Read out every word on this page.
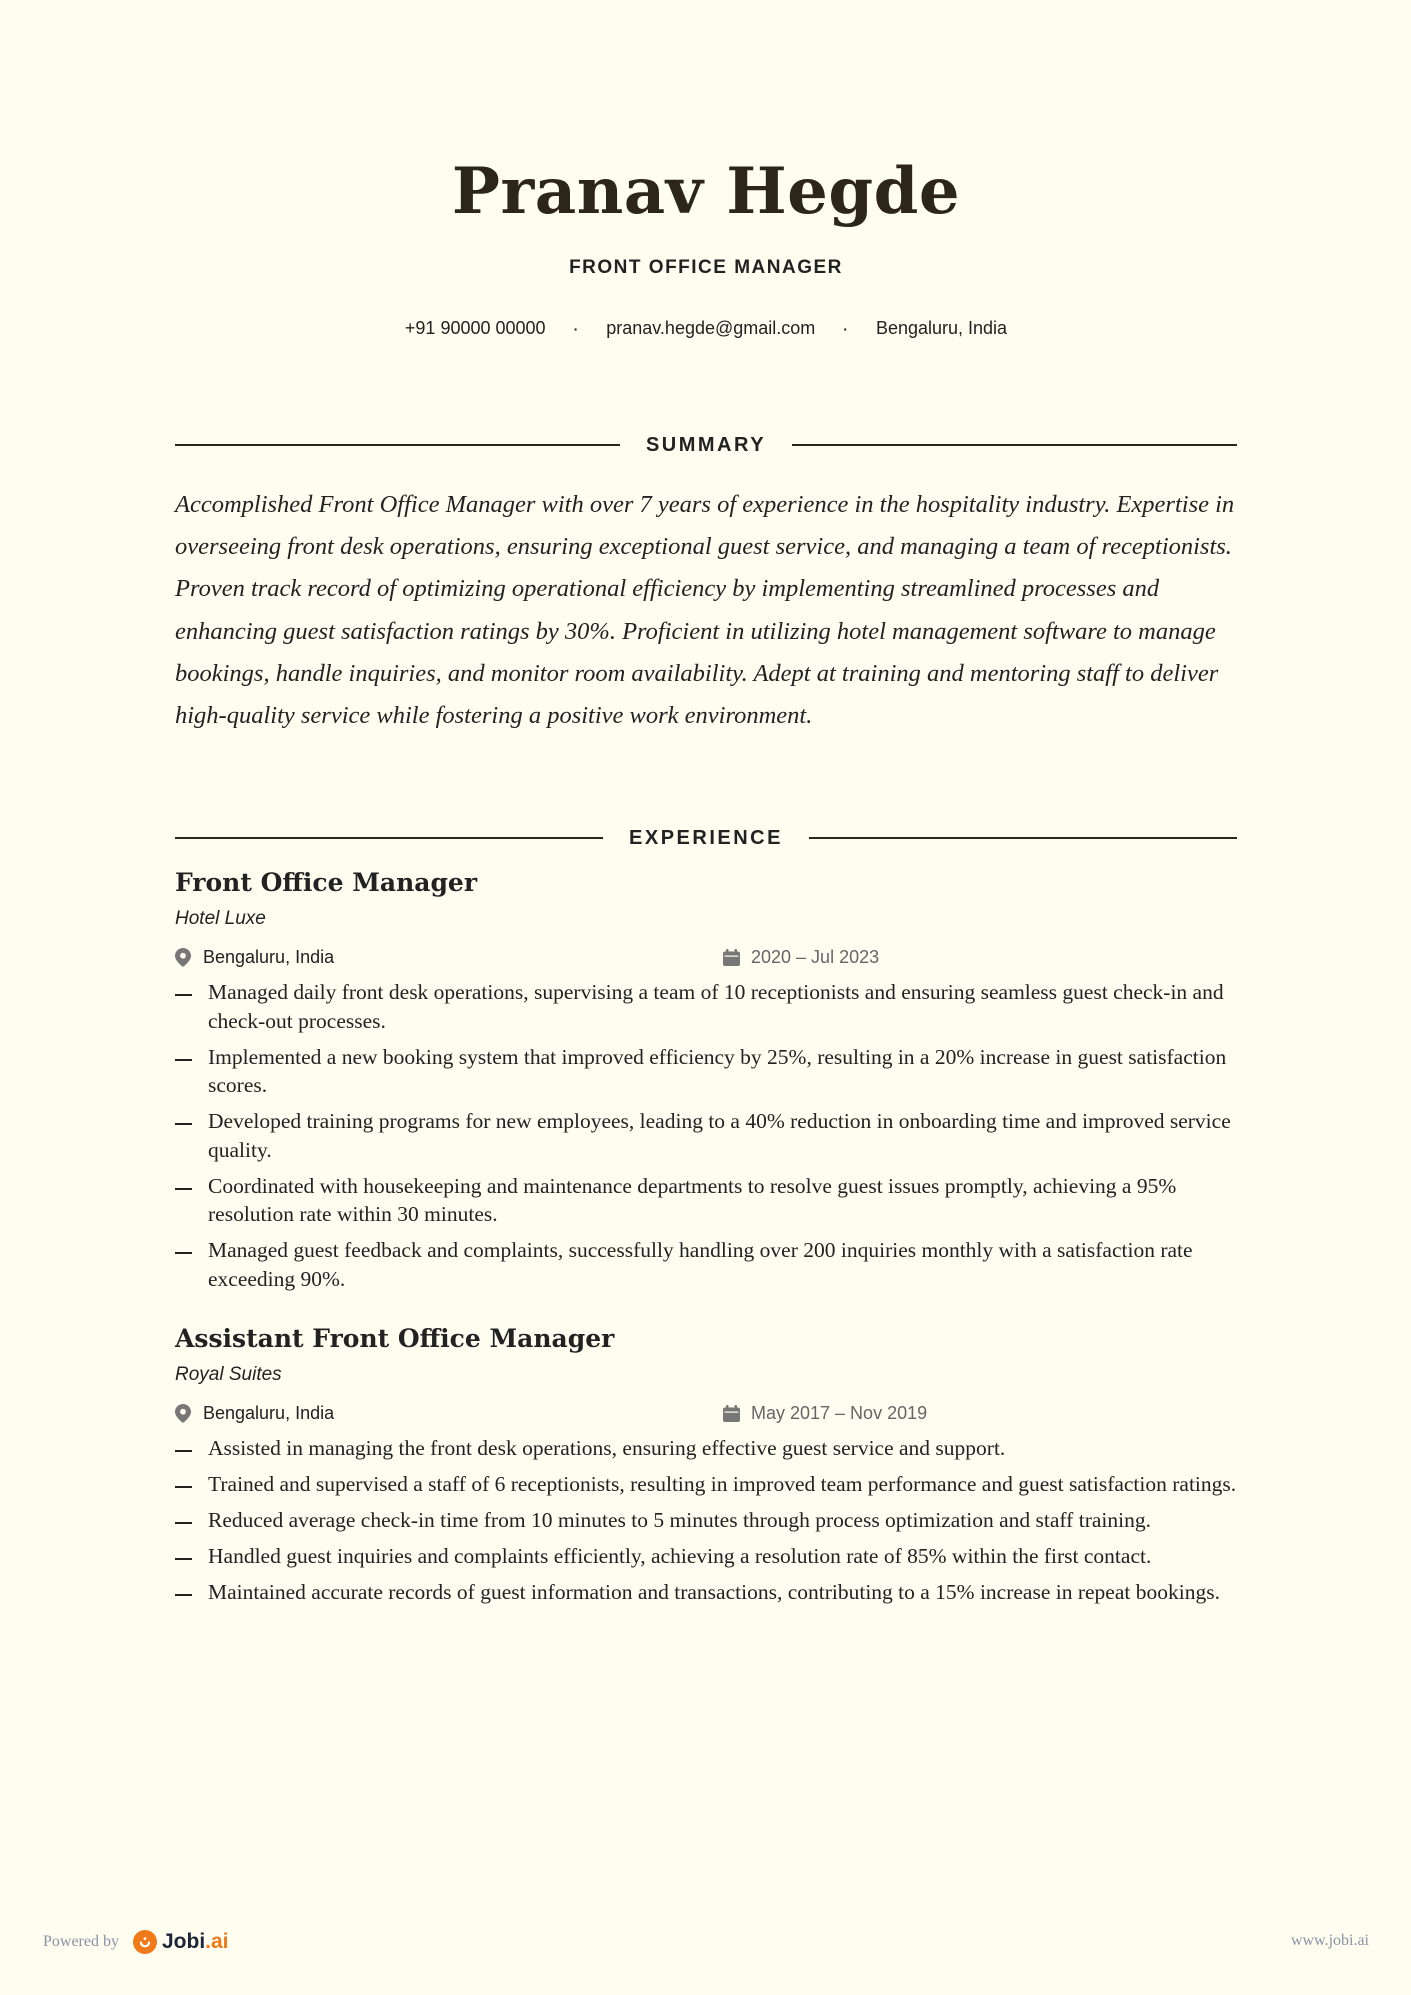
Pranav Hegde
FRONT OFFICE MANAGER
+91 90000 00000 · pranav.hegde@gmail.com · Bengaluru, India
SUMMARY

Accomplished Front Office Manager with over 7 years of experience in the hospitality industry. Expertise in overseeing front desk operations, ensuring exceptional guest service, and managing a team of receptionists. Proven track record of optimizing operational efficiency by implementing streamlined processes and enhancing guest satisfaction ratings by 30%. Proficient in utilizing hotel management software to manage bookings, handle inquiries, and monitor room availability. Adept at training and mentoring staff to deliver high-quality service while fostering a positive work environment.

EXPERIENCE
Front Office Manager
Hotel Luxe
Bengaluru, India	2020 – Jul 2023
Managed daily front desk operations, supervising a team of 10 receptionists and ensuring seamless guest check-in and check-out processes.
Implemented a new booking system that improved efficiency by 25%, resulting in a 20% increase in guest satisfaction scores.
Developed training programs for new employees, leading to a 40% reduction in onboarding time and improved service quality.
Coordinated with housekeeping and maintenance departments to resolve guest issues promptly, achieving a 95% resolution rate within 30 minutes.
Managed guest feedback and complaints, successfully handling over 200 inquiries monthly with a satisfaction rate exceeding 90%.
Assistant Front Office Manager
Royal Suites
Bengaluru, India	May 2017 – Nov 2019
Assisted in managing the front desk operations, ensuring effective guest service and support.
Trained and supervised a staff of 6 receptionists, resulting in improved team performance and guest satisfaction ratings.
Reduced average check-in time from 10 minutes to 5 minutes through process optimization and staff training.
Handled guest inquiries and complaints efficiently, achieving a resolution rate of 85% within the first contact.
Maintained accurate records of guest information and transactions, contributing to a 15% increase in repeat bookings.
Powered by Jobi.ai	www.jobi.ai
